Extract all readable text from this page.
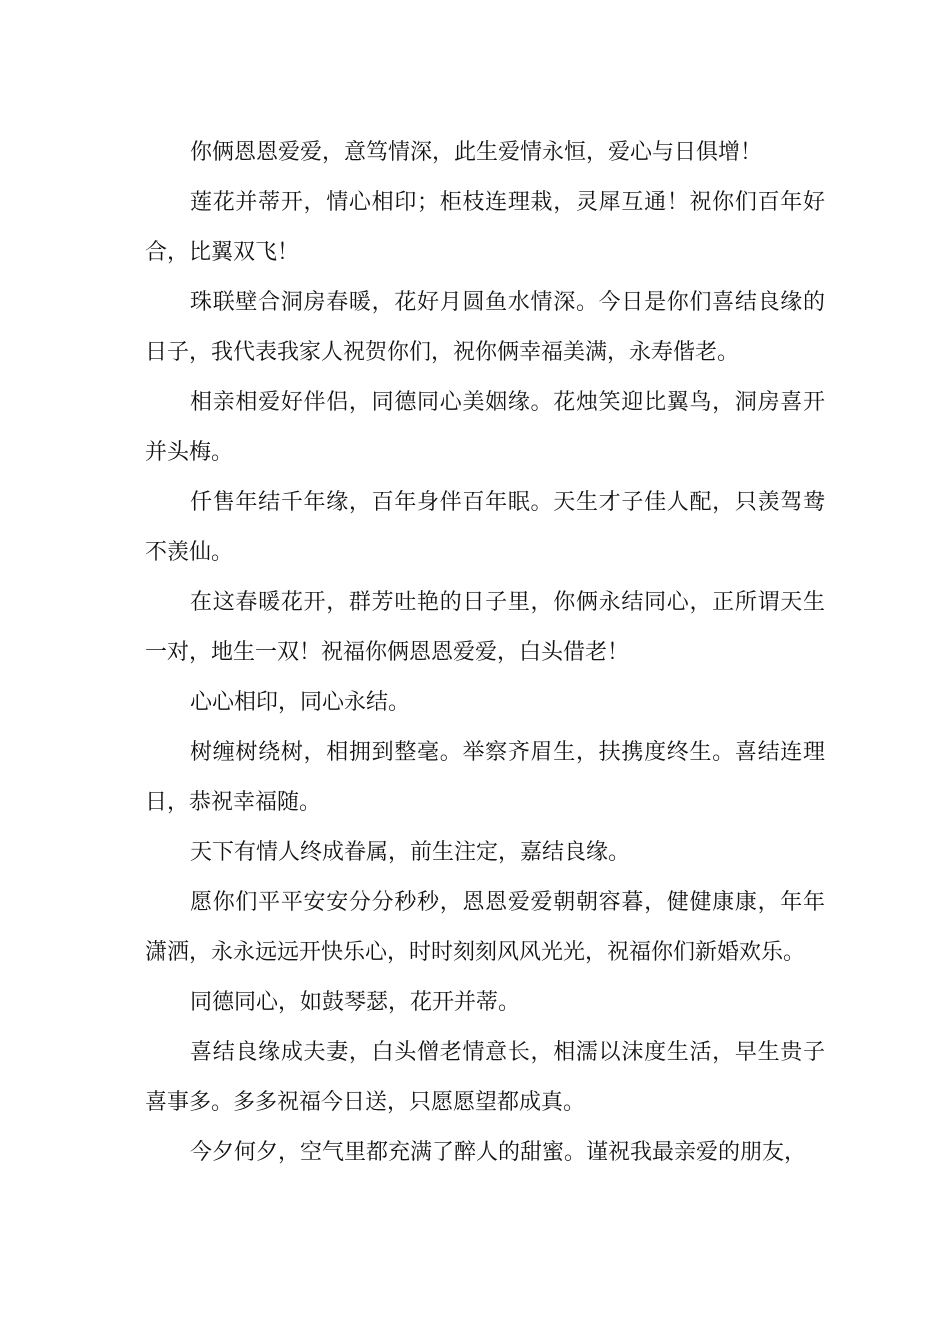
你俩恩恩爱爱，意笃情深，此生爱情永恒，爱心与日俱增！

莲花并蒂开，情心相印；柜枝连理栽，灵犀互通！祝你们百年好合，比翼双飞！

珠联壁合洞房春暖，花好月圆鱼水情深。今日是你们喜结良缘的日子，我代表我家人祝贺你们，祝你俩幸福美满，永寿偕老。

相亲相爱好伴侣，同德同心美姻缘。花烛笑迎比翼鸟，洞房喜开并头梅。

仟售年结千年缘，百年身伴百年眠。天生才子佳人配，只羡驾鸯不羡仙。

在这春暖花开，群芳吐艳的日子里，你俩永结同心，正所谓天生一对，地生一双！祝福你俩恩恩爱爱，白头借老！

心心相印，同心永结。

树缠树绕树，相拥到整毫。举察齐眉生，扶携度终生。喜结连理日，恭祝幸福随。

天下有情人终成眷属，前生注定，嘉结良缘。

愿你们平平安安分分秒秒，恩恩爱爱朝朝容暮，健健康康，年年潇洒，永永远远开快乐心，时时刻刻风风光光，祝福你们新婚欢乐。

同德同心，如鼓琴瑟，花开并蒂。

喜结良缘成夫妻，白头僧老情意长，相濡以沫度生活，早生贵子喜事多。多多祝福今日送，只愿愿望都成真。

今夕何夕，空气里都充满了醉人的甜蜜。谨祝我最亲爱的朋友，
